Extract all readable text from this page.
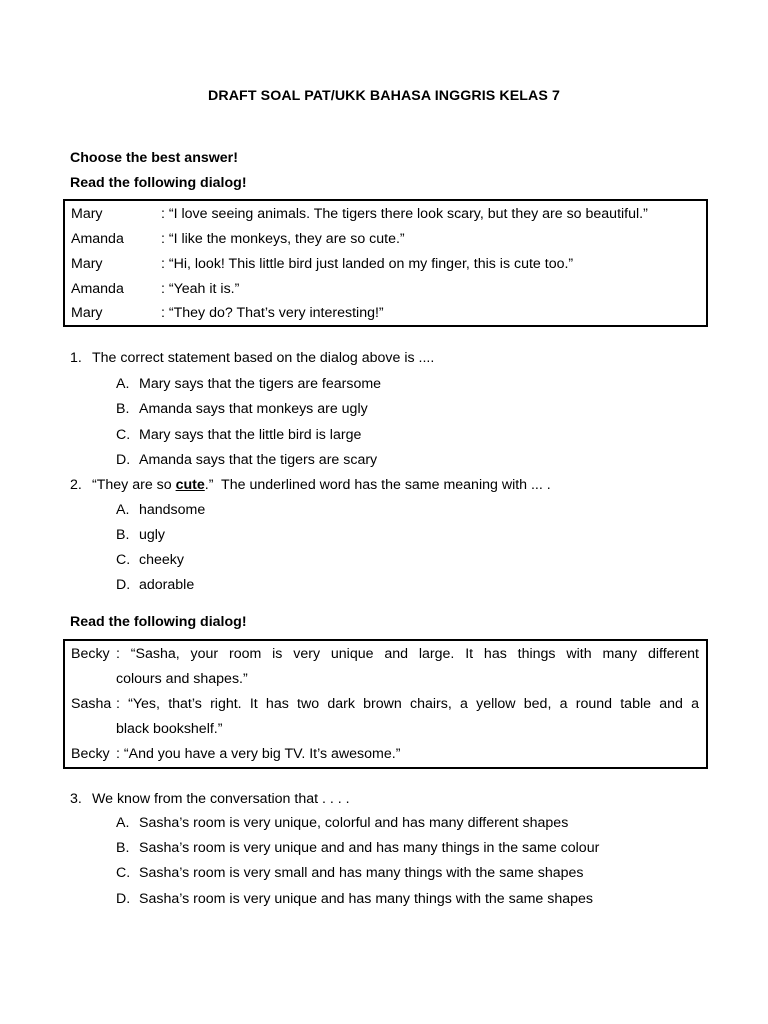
DRAFT SOAL PAT/UKK BAHASA INGGRIS KELAS 7
Choose the best answer!
Read the following dialog!
Mary	: “I love seeing animals. The tigers there look scary, but they are so beautiful.”
Amanda	: “I like the monkeys, they are so cute.”
Mary	: “Hi, look! This little bird just landed on my finger, this is cute too.”
Amanda	: “Yeah it is.”
Mary	: “They do? That’s very interesting!”
1. The correct statement based on the dialog above is ....
A. Mary says that the tigers are fearsome
B. Amanda says that monkeys are ugly
C. Mary says that the little bird is large
D. Amanda says that the tigers are scary
2. “They are so cute.”  The underlined word has the same meaning with ... .
A. handsome
B. ugly
C. cheeky
D. adorable
Read the following dialog!
Becky : “Sasha, your room is very unique and large. It has things with many different
colours and shapes.”
Sasha : “Yes, that’s right. It has two dark brown chairs, a yellow bed, a round table and a
black bookshelf.”
Becky : “And you have a very big TV. It’s awesome.”
3. We know from the conversation that . . . .
A. Sasha’s room is very unique, colorful and has many different shapes
B. Sasha’s room is very unique and and has many things in the same colour
C. Sasha’s room is very small and has many things with the same shapes
D. Sasha’s room is very unique and has many things with the same shapes
